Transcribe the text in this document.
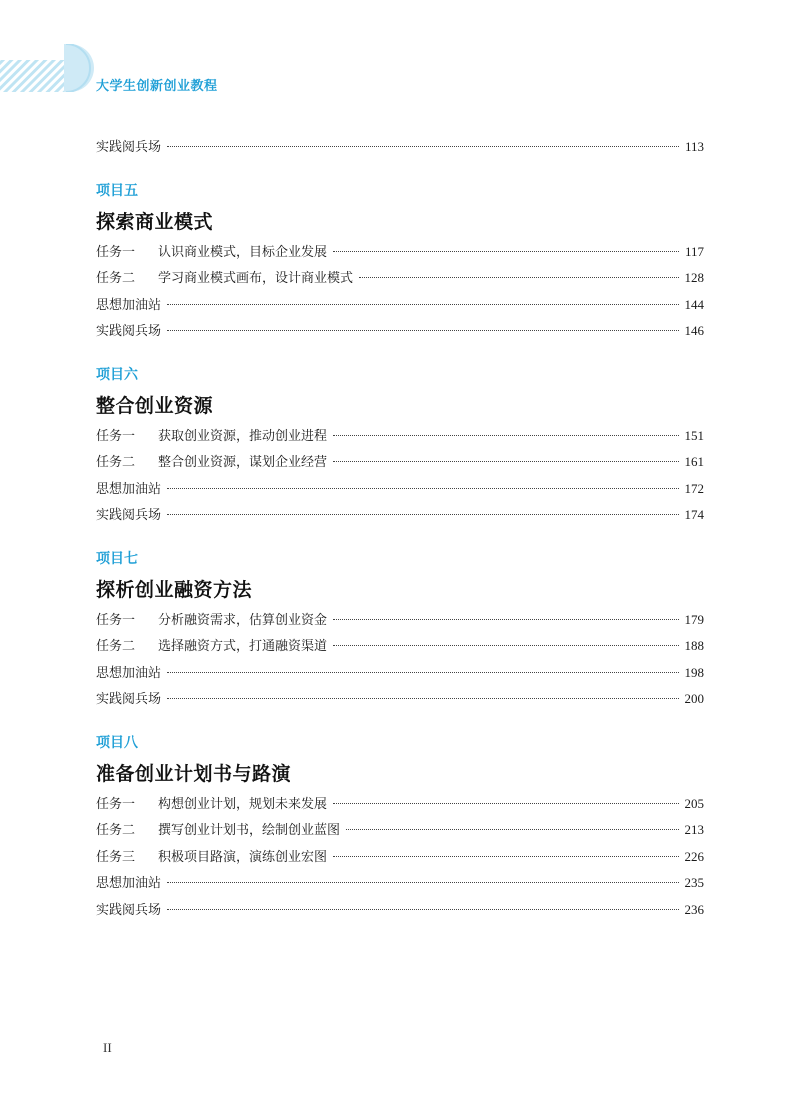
大学生创新创业教程
实践阅兵场	113
项目五
探索商业模式
任务一	认识商业模式，目标企业发展	117
任务二	学习商业模式画布，设计商业模式	128
思想加油站	144
实践阅兵场	146
项目六
整合创业资源
任务一	获取创业资源，推动创业进程	151
任务二	整合创业资源，谋划企业经营	161
思想加油站	172
实践阅兵场	174
项目七
探析创业融资方法
任务一	分析融资需求，估算创业资金	179
任务二	选择融资方式，打通融资渠道	188
思想加油站	198
实践阅兵场	200
项目八
准备创业计划书与路演
任务一	构想创业计划，规划未来发展	205
任务二	撰写创业计划书，绘制创业蓝图	213
任务三	积极项目路演，演练创业宏图	226
思想加油站	235
实践阅兵场	236
II
